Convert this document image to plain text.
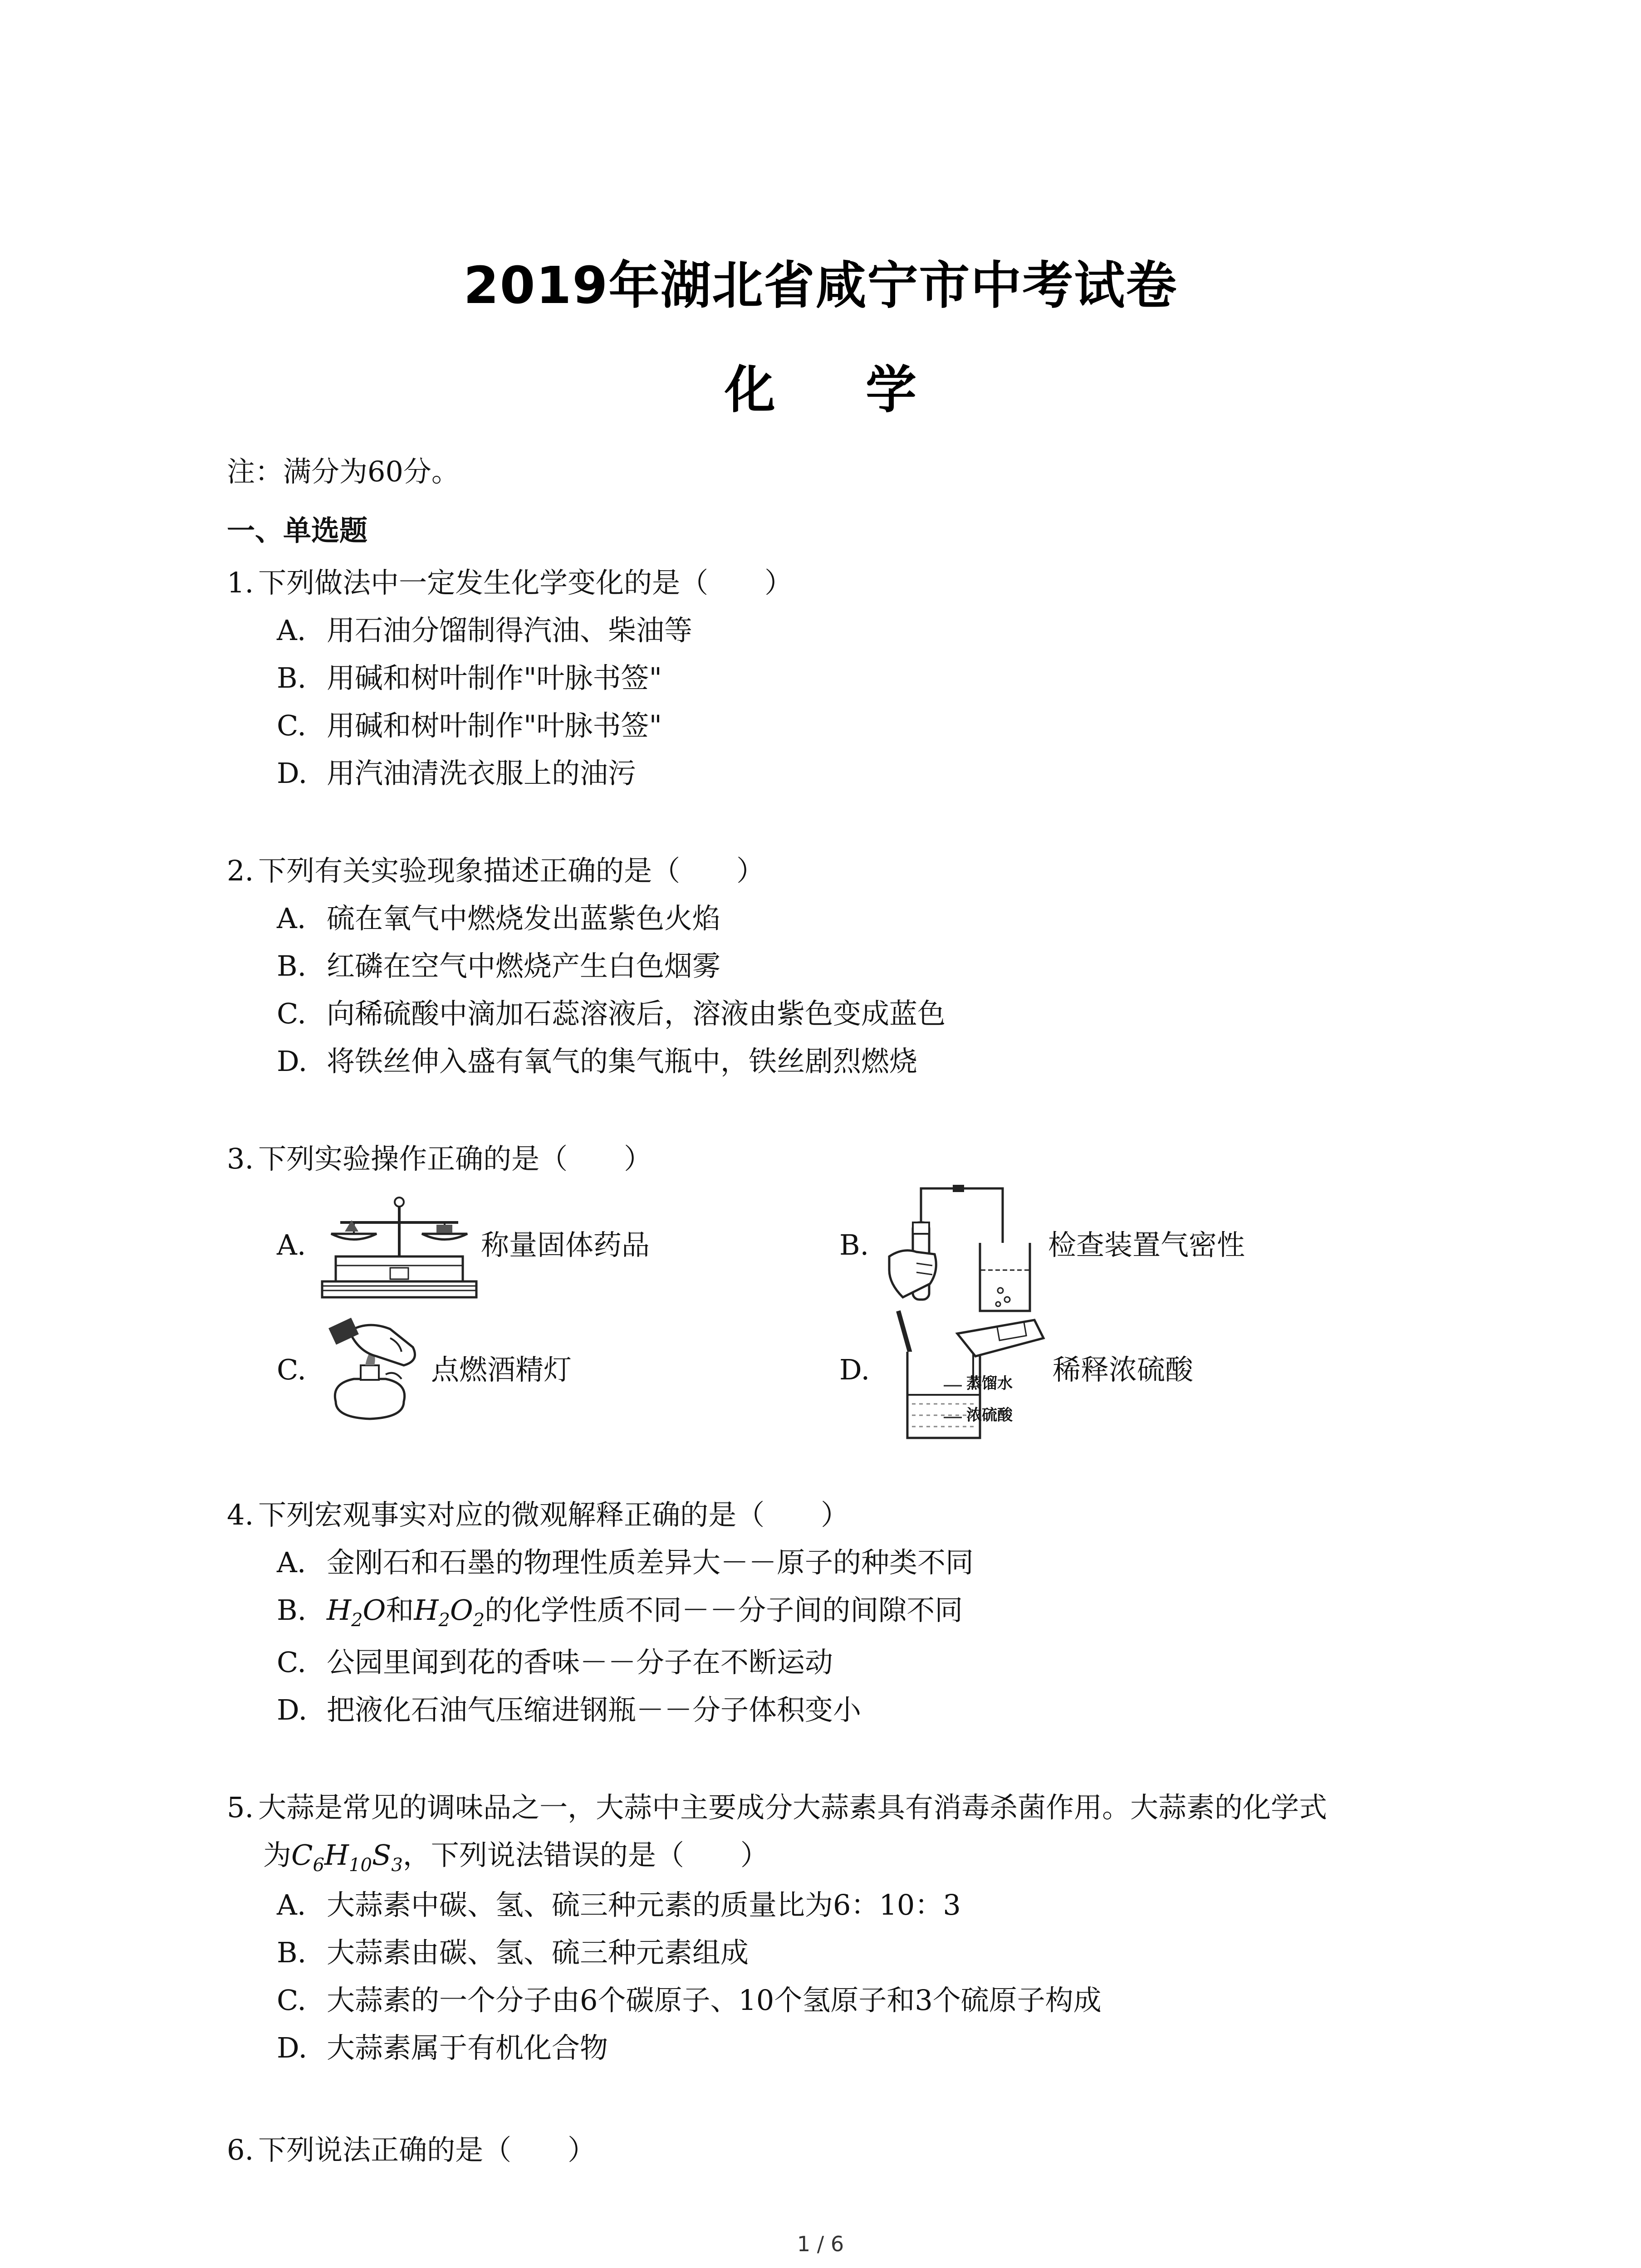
2019年湖北省咸宁市中考试卷
化 学
注：满分为60分。
一、单选题
1. 下列做法中一定发生化学变化的是（　　）
A. 用石油分馏制得汽油、柴油等
B. 用碱和树叶制作"叶脉书签"
C. 用碱和树叶制作"叶脉书签"
D. 用汽油清洗衣服上的油污
2. 下列有关实验现象描述正确的是（　　）
A. 硫在氧气中燃烧发出蓝紫色火焰
B. 红磷在空气中燃烧产生白色烟雾
C. 向稀硫酸中滴加石蕊溶液后，溶液由紫色变成蓝色
D. 将铁丝伸入盛有氧气的集气瓶中，铁丝剧烈燃烧
3. 下列实验操作正确的是（　　）
A.	称量固体药品	B.	检查装置气密性
C.	点燃酒精灯	D.	蒸馏水
浓硫酸
稀释浓硫酸
4. 下列宏观事实对应的微观解释正确的是（　　）
A. 金刚石和石墨的物理性质差异大－－原子的种类不同
B. $H_2O$和$H_2O_2$的化学性质不同－－分子间的间隙不同
C. 公园里闻到花的香味－－分子在不断运动
D. 把液化石油气压缩进钢瓶－－分子体积变小
5. 大蒜是常见的调味品之一，大蒜中主要成分大蒜素具有消毒杀菌作用。大蒜素的化学式
为$C_6H_{10}S_3$，下列说法错误的是（　　）
A. 大蒜素中碳、氢、硫三种元素的质量比为6：10：3
B. 大蒜素由碳、氢、硫三种元素组成
C. 大蒜素的一个分子由6个碳原子、10个氢原子和3个硫原子构成
D. 大蒜素属于有机化合物
6. 下列说法正确的是（　　）
1 / 6
